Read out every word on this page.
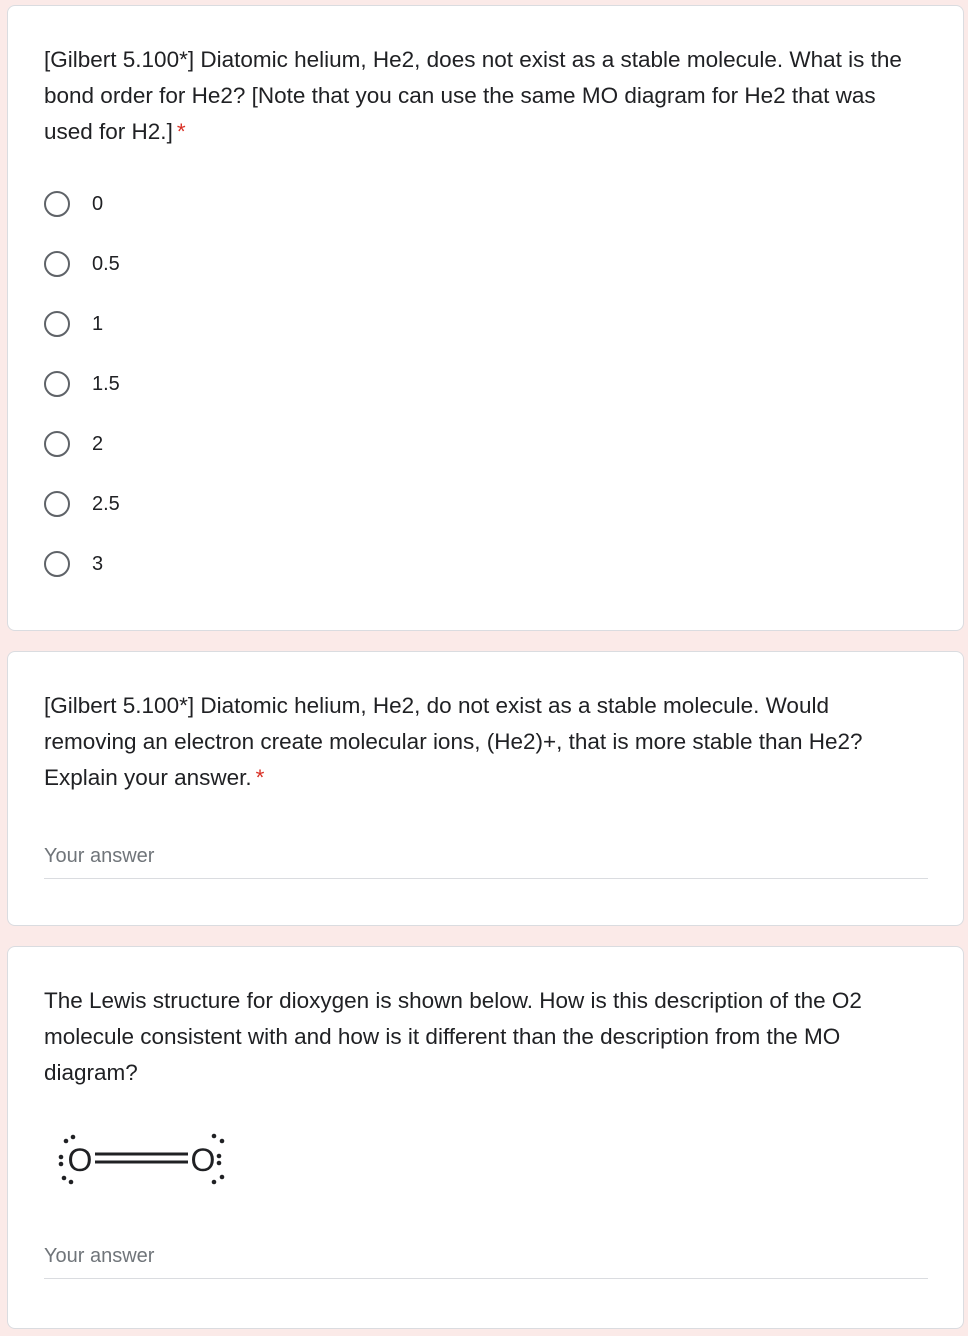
[Gilbert 5.100*] Diatomic helium, He2, does not exist as a stable molecule. What is the bond order for He2? [Note that you can use the same MO diagram for He2 that was used for H2.] *

0
0.5
1
1.5
2
2.5
3

[Gilbert 5.100*] Diatomic helium, He2, do not exist as a stable molecule. Would removing an electron create molecular ions, (He2)+, that is more stable than He2? Explain your answer. *

Your answer

The Lewis structure for dioxygen is shown below. How is this description of the O2 molecule consistent with and how is it different than the description from the MO diagram?

O	O
Your answer
